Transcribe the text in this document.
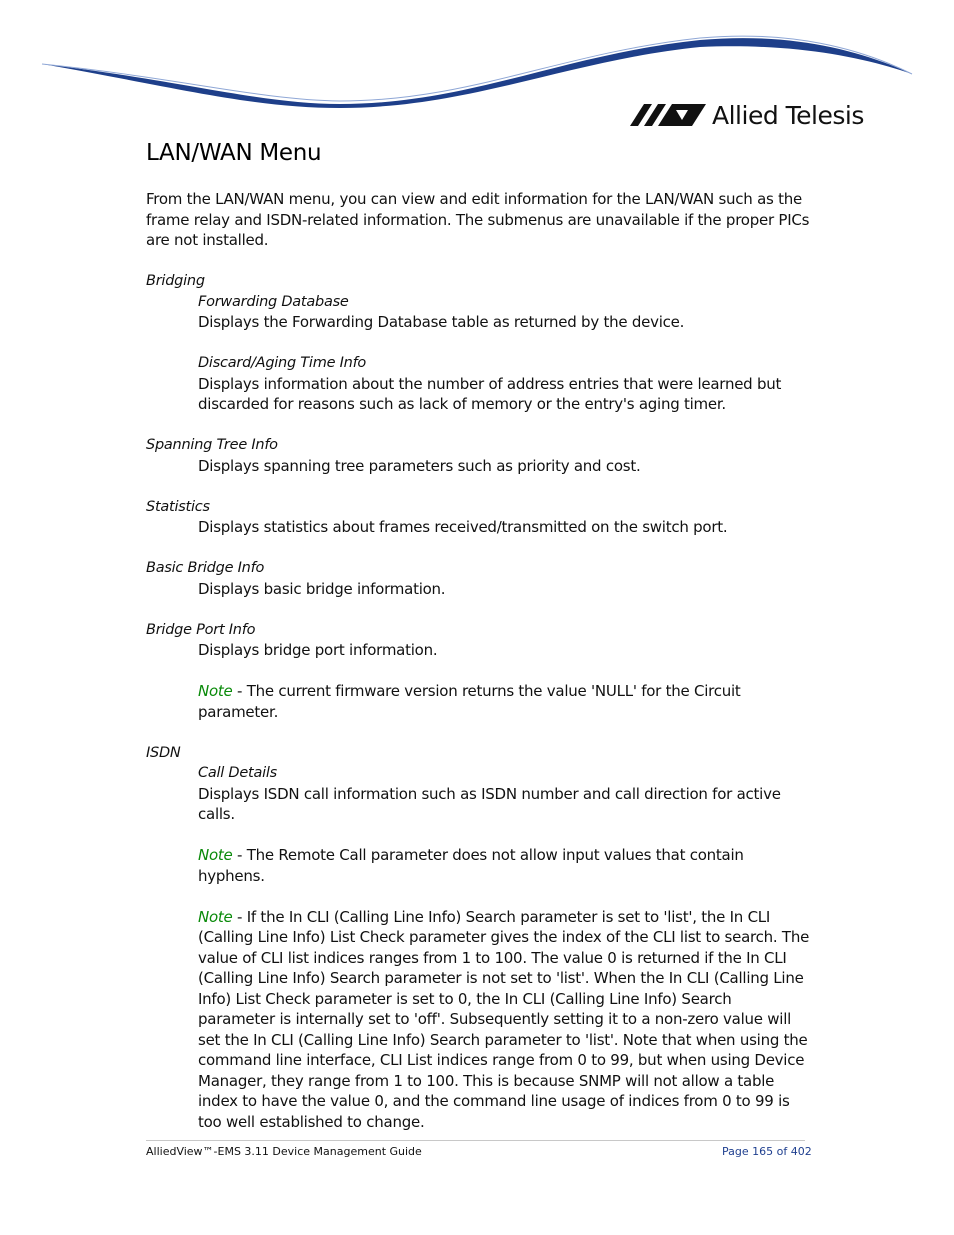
Allied Telesis
LAN/WAN Menu

From the LAN/WAN menu, you can view and edit information for the LAN/WAN such as the frame relay and ISDN-related information. The submenus are unavailable if the proper PICs are not installed.

Bridging

Forwarding Database

Displays the Forwarding Database table as returned by the device.

Discard/Aging Time Info

Displays information about the number of address entries that were learned but discarded for reasons such as lack of memory or the entry's aging timer.

Spanning Tree Info

Displays spanning tree parameters such as priority and cost.

Statistics

Displays statistics about frames received/transmitted on the switch port.

Basic Bridge Info

Displays basic bridge information.

Bridge Port Info

Displays bridge port information.

Note - The current firmware version returns the value 'NULL' for the Circuit parameter.

ISDN

Call Details

Displays ISDN call information such as ISDN number and call direction for active calls.

Note - The Remote Call parameter does not allow input values that contain hyphens.

Note - If the In CLI (Calling Line Info) Search parameter is set to 'list', the In CLI (Calling Line Info) List Check parameter gives the index of the CLI list to search. The value of CLI list indices ranges from 1 to 100. The value 0 is returned if the In CLI (Calling Line Info) Search parameter is not set to 'list'. When the In CLI (Calling Line Info) List Check parameter is set to 0, the In CLI (Calling Line Info) Search parameter is internally set to 'off'. Subsequently setting it to a non-zero value will set the In CLI (Calling Line Info) Search parameter to 'list'. Note that when using the command line interface, CLI List indices range from 0 to 99, but when using Device Manager, they range from 1 to 100. This is because SNMP will not allow a table index to have the value 0, and the command line usage of indices from 0 to 99 is too well established to change.

AlliedView™-EMS 3.11 Device Management Guide	Page 165 of 402
